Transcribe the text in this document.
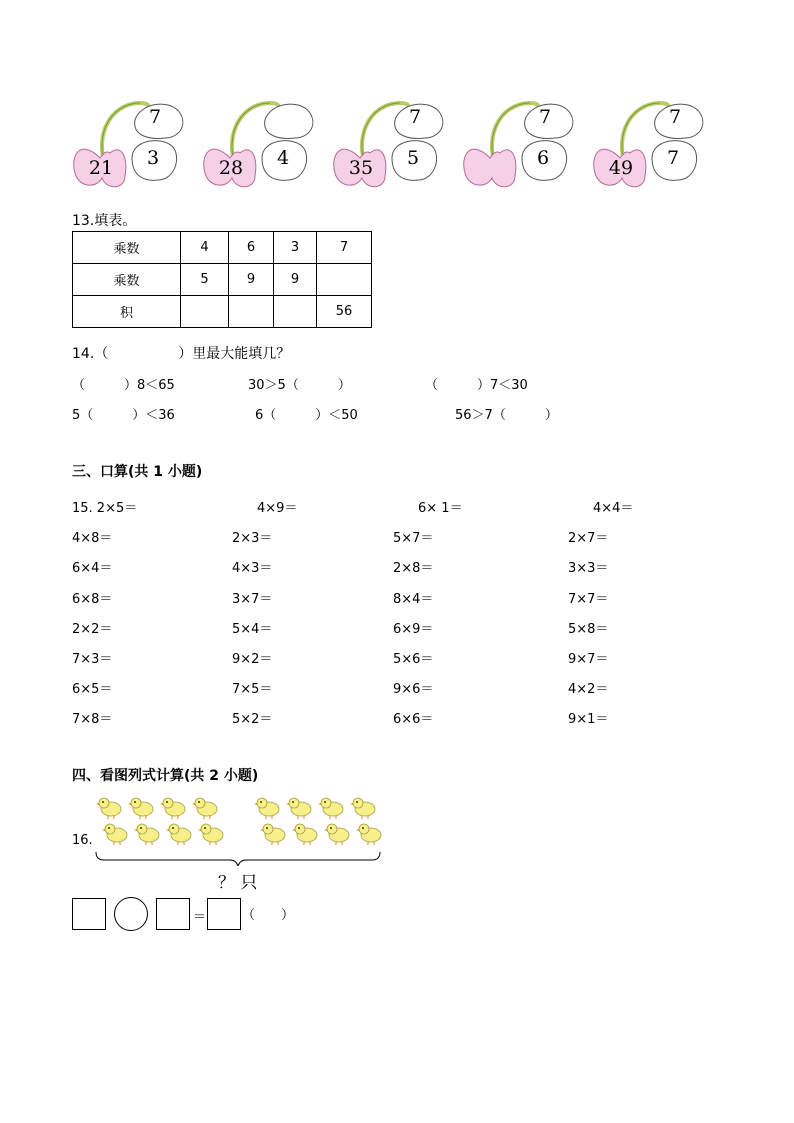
7
3
21	4
28
7
5
35
7
6
7
7
49
13.填表。
乘数	4	6	3	7
乘数	5	9	9	
积				56
14.（　　　　　）里最大能填几？
（　　　）8＜65	30＞5（　　　）	（　　　）7＜30
5（　　　）＜36	6（　　　）＜50	56＞7（　　　）
三、口算(共 1 小题)
15. 2×5＝	4×9＝	6× 1＝	4×4＝
4×8＝	2×3＝	5×7＝	2×7＝
6×4＝	4×3＝	2×8＝	3×3＝
6×8＝	3×7＝	8×4＝	7×7＝
2×2＝	5×4＝	6×9＝	5×8＝
7×3＝	9×2＝	5×6＝	9×7＝
6×5＝	7×5＝	9×6＝	4×2＝
7×8＝	5×2＝	6×6＝	9×1＝
四、看图列式计算(共 2 小题)
16.
？ 只
＝	（　　）
